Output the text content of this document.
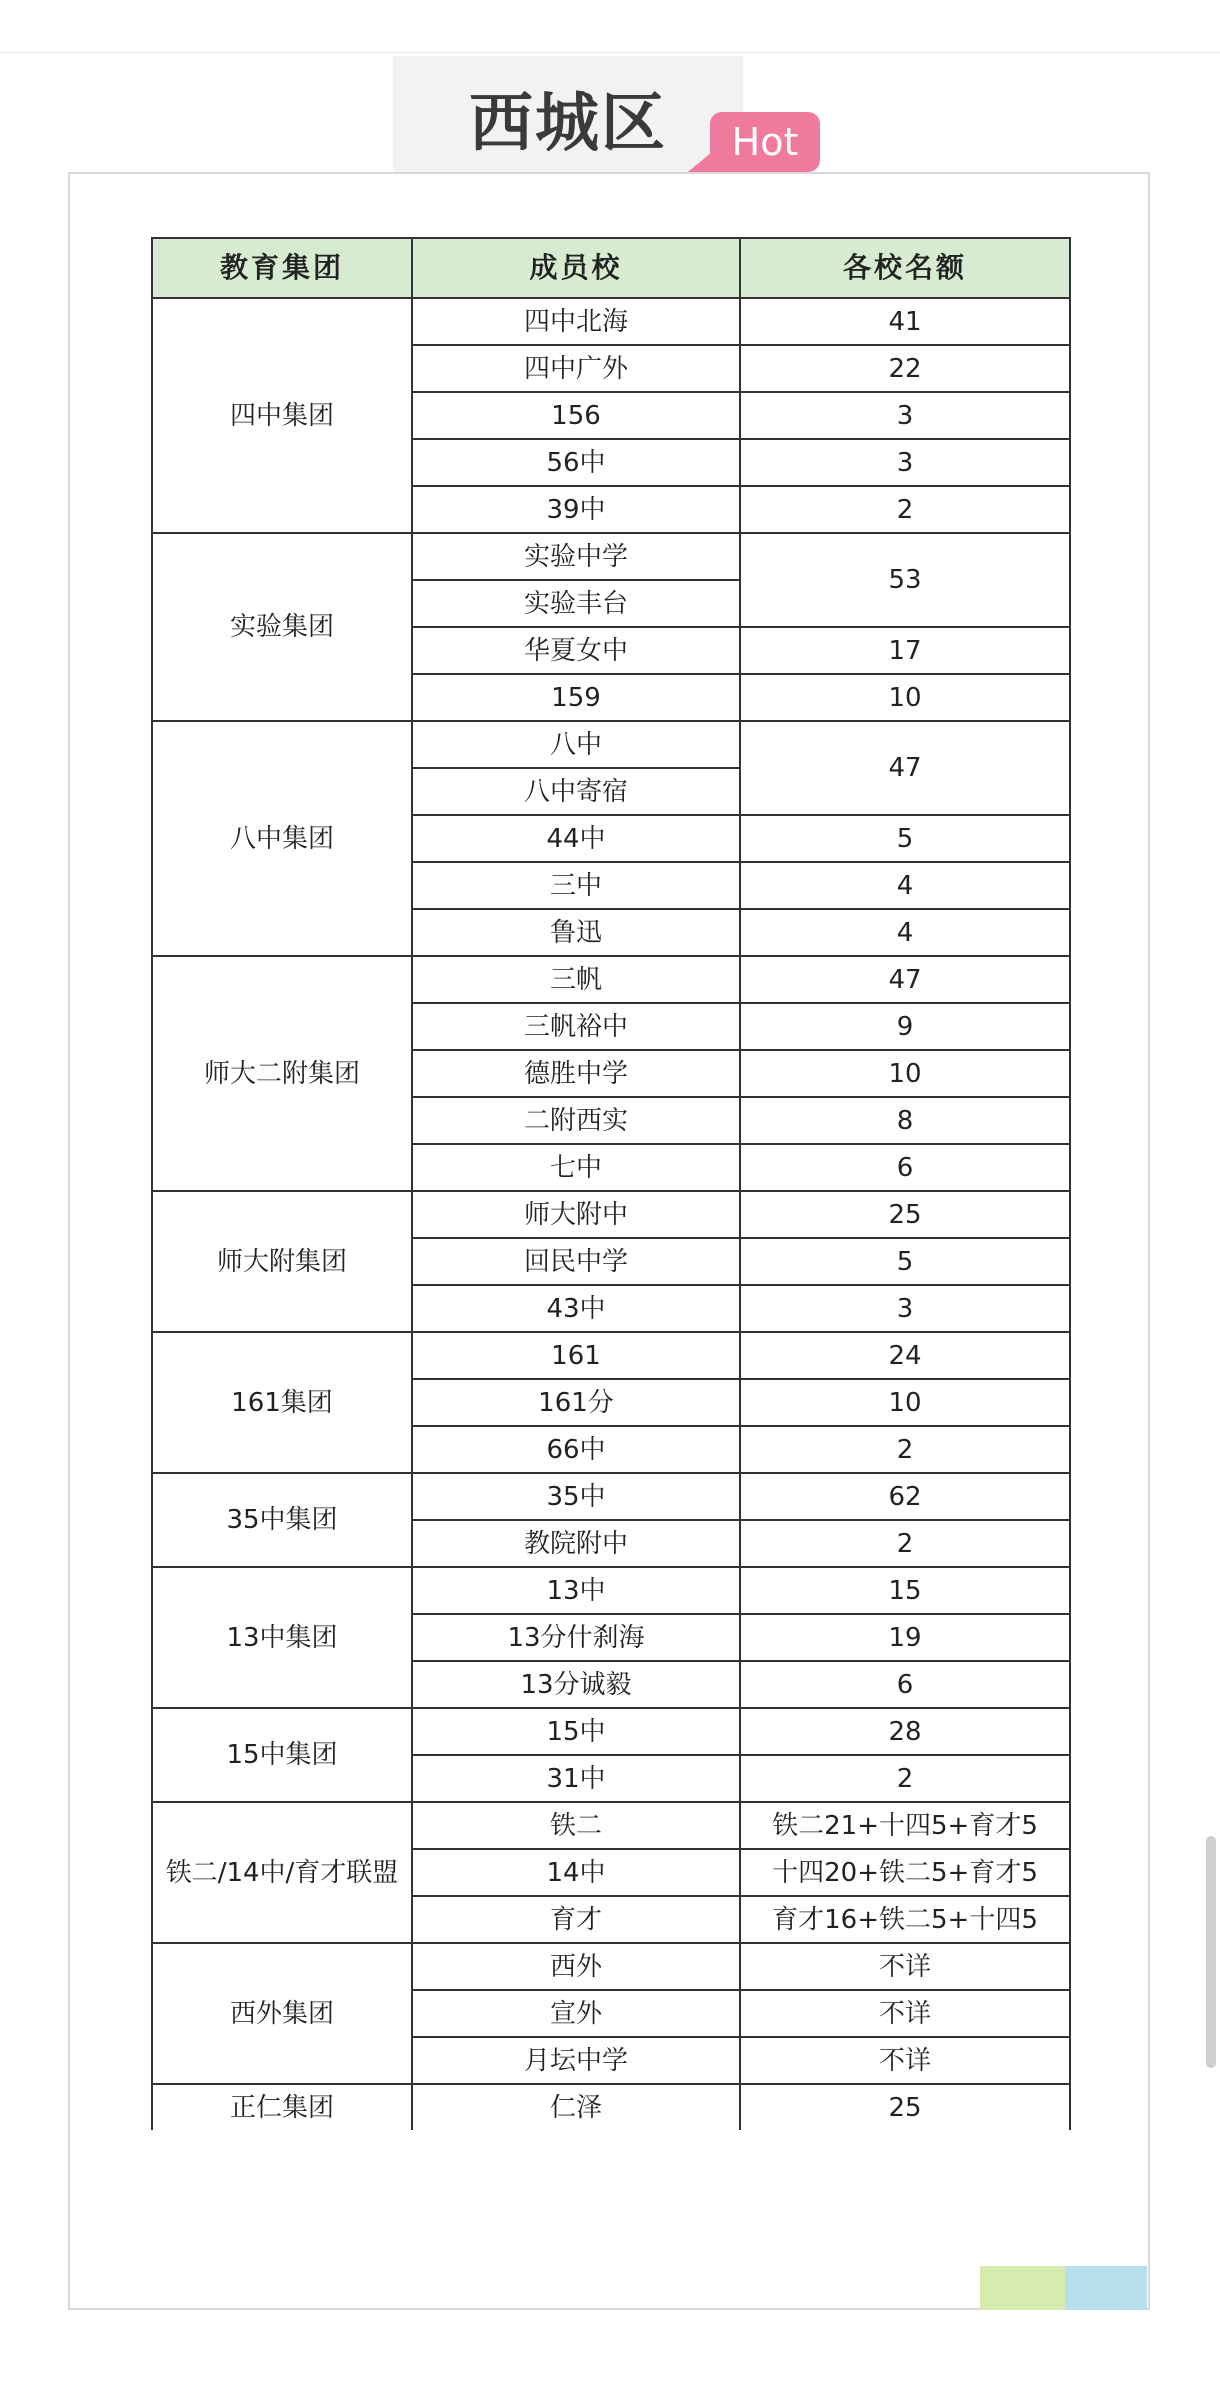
西城区	Hot
教育集团	成员校	各校名额
四中集团	四中北海	41
	四中广外	22
	156	3
	56中	3
	39中	2
实验集团	实验中学	53
	实验丰台	
	华夏女中	17
	159	10
八中集团	八中	47
	八中寄宿	
	44中	5
	三中	4
	鲁迅	4
师大二附集团	三帆	47
	三帆裕中	9
	德胜中学	10
	二附西实	8
	七中	6
师大附集团	师大附中	25
	回民中学	5
	43中	3
161集团	161	24
	161分	10
	66中	2
35中集团	35中	62
	教院附中	2
13中集团	13中	15
	13分什刹海	19
	13分诚毅	6
15中集团	15中	28
	31中	2
铁二/14中/育才联盟	铁二	铁二21+十四5+育才5
	14中	十四20+铁二5+育才5
	育才	育才16+铁二5+十四5
西外集团	西外	不详
	宣外	不详
	月坛中学	不详
正仁集团	仁泽	25
